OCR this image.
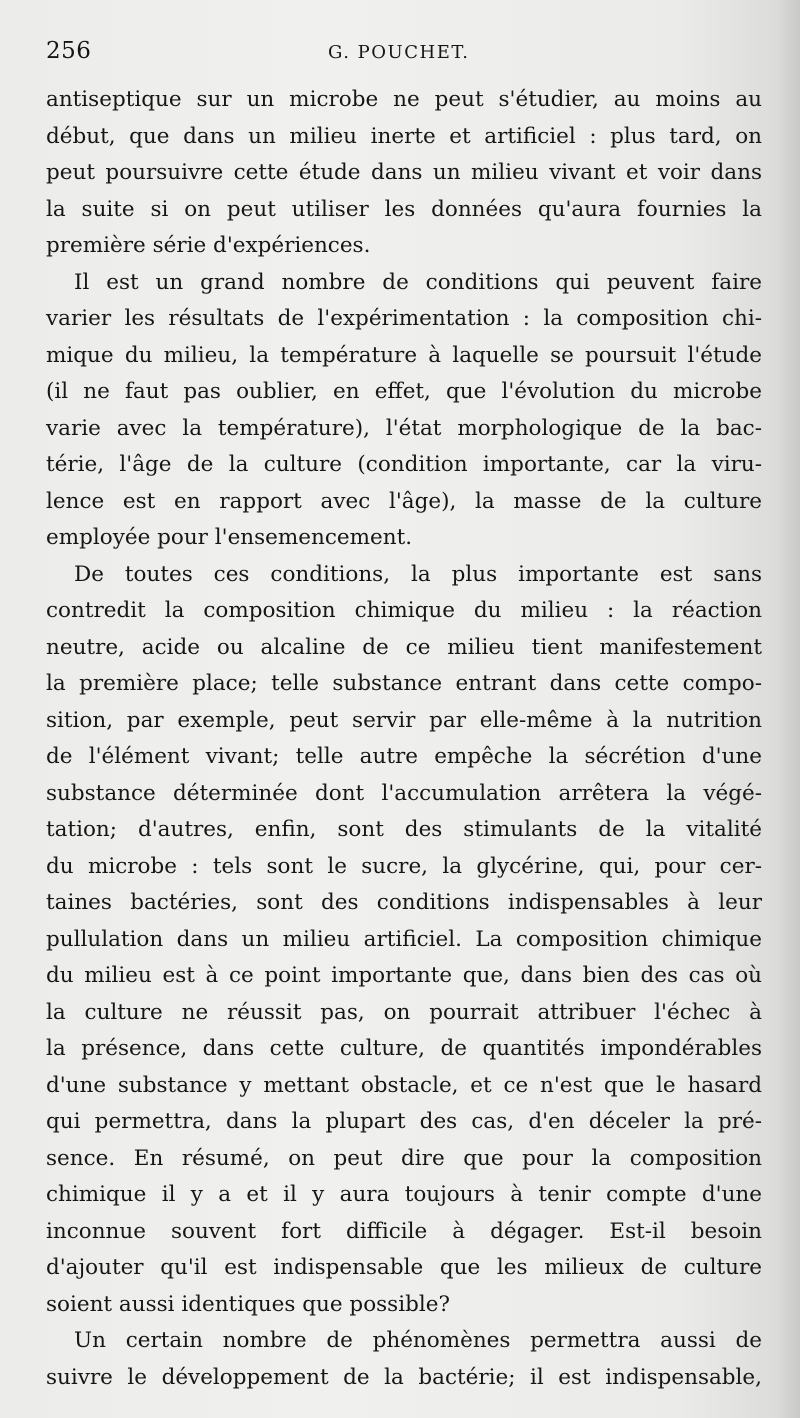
256	G. POUCHET.
antiseptique sur un microbe ne peut s'étudier, au moins au
début, que dans un milieu inerte et artificiel : plus tard, on
peut poursuivre cette étude dans un milieu vivant et voir dans
la suite si on peut utiliser les données qu'aura fournies la
première série d'expériences.
Il est un grand nombre de conditions qui peuvent faire
varier les résultats de l'expérimentation : la composition chi-
mique du milieu, la température à laquelle se poursuit l'étude
(il ne faut pas oublier, en effet, que l'évolution du microbe
varie avec la température), l'état morphologique de la bac-
térie, l'âge de la culture (condition importante, car la viru-
lence est en rapport avec l'âge), la masse de la culture
employée pour l'ensemencement.
De toutes ces conditions, la plus importante est sans
contredit la composition chimique du milieu : la réaction
neutre, acide ou alcaline de ce milieu tient manifestement
la première place; telle substance entrant dans cette compo-
sition, par exemple, peut servir par elle-même à la nutrition
de l'élément vivant; telle autre empêche la sécrétion d'une
substance déterminée dont l'accumulation arrêtera la végé-
tation; d'autres, enfin, sont des stimulants de la vitalité
du microbe : tels sont le sucre, la glycérine, qui, pour cer-
taines bactéries, sont des conditions indispensables à leur
pullulation dans un milieu artificiel. La composition chimique
du milieu est à ce point importante que, dans bien des cas où
la culture ne réussit pas, on pourrait attribuer l'échec à
la présence, dans cette culture, de quantités impondérables
d'une substance y mettant obstacle, et ce n'est que le hasard
qui permettra, dans la plupart des cas, d'en déceler la pré-
sence. En résumé, on peut dire que pour la composition
chimique il y a et il y aura toujours à tenir compte d'une
inconnue souvent fort difficile à dégager. Est-il besoin
d'ajouter qu'il est indispensable que les milieux de culture
soient aussi identiques que possible?
Un certain nombre de phénomènes permettra aussi de
suivre le développement de la bactérie; il est indispensable,
